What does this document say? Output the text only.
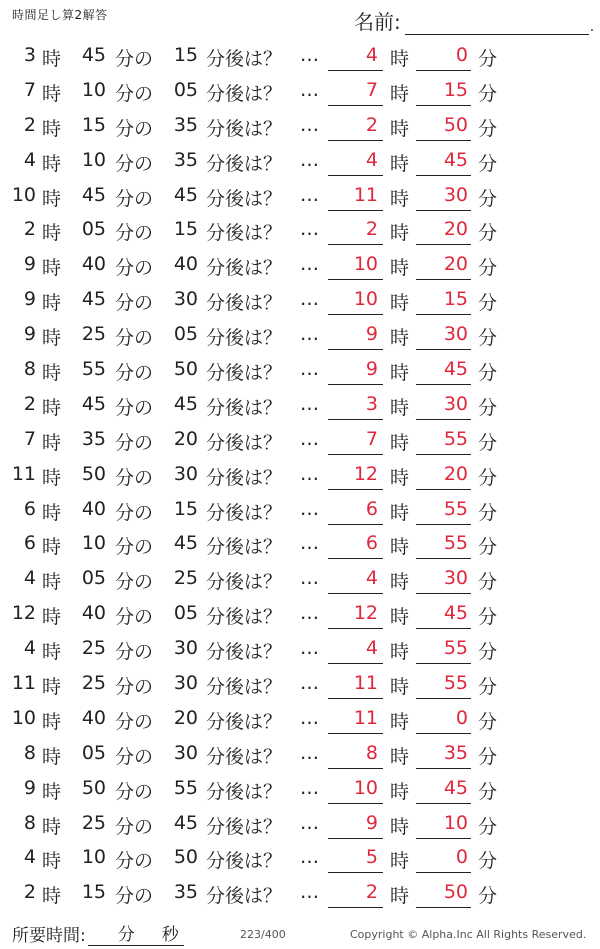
時間足し算2解答	名前:	.
3 時 45 分の 15 分後は？ …	4 時	0 分
7 時 10 分の 05 分後は？ …	7 時	15 分
2 時 15 分の 35 分後は？ …	2 時	50 分
4 時 10 分の 35 分後は？ …	4 時	45 分
10 時 45 分の 45 分後は？ …	11 時	30 分
2 時 05 分の 15 分後は？ …	2 時	20 分
9 時 40 分の 40 分後は？ …	10 時	20 分
9 時 45 分の 30 分後は？ …	10 時	15 分
9 時 25 分の 05 分後は？ …	9 時	30 分
8 時 55 分の 50 分後は？ …	9 時	45 分
2 時 45 分の 45 分後は？ …	3 時	30 分
7 時 35 分の 20 分後は？ …	7 時	55 分
11 時 50 分の 30 分後は？ …	12 時	20 分
6 時 40 分の 15 分後は？ …	6 時	55 分
6 時 10 分の 45 分後は？ …	6 時	55 分
4 時 05 分の 25 分後は？ …	4 時	30 分
12 時 40 分の 05 分後は？ …	12 時	45 分
4 時 25 分の 30 分後は？ …	4 時	55 分
11 時 25 分の 30 分後は？ …	11 時	55 分
10 時 40 分の 20 分後は？ …	11 時	0 分
8 時 05 分の 30 分後は？ …	8 時	35 分
9 時 50 分の 55 分後は？ …	10 時	45 分
8 時 25 分の 45 分後は？ …	9 時	10 分
4 時 10 分の 50 分後は？ …	5 時	0 分
2 時 15 分の 35 分後は？ …	2 時	50 分
所要時間: 分 秒	223/400	Copyright © Alpha.Inc All Rights Reserved.
